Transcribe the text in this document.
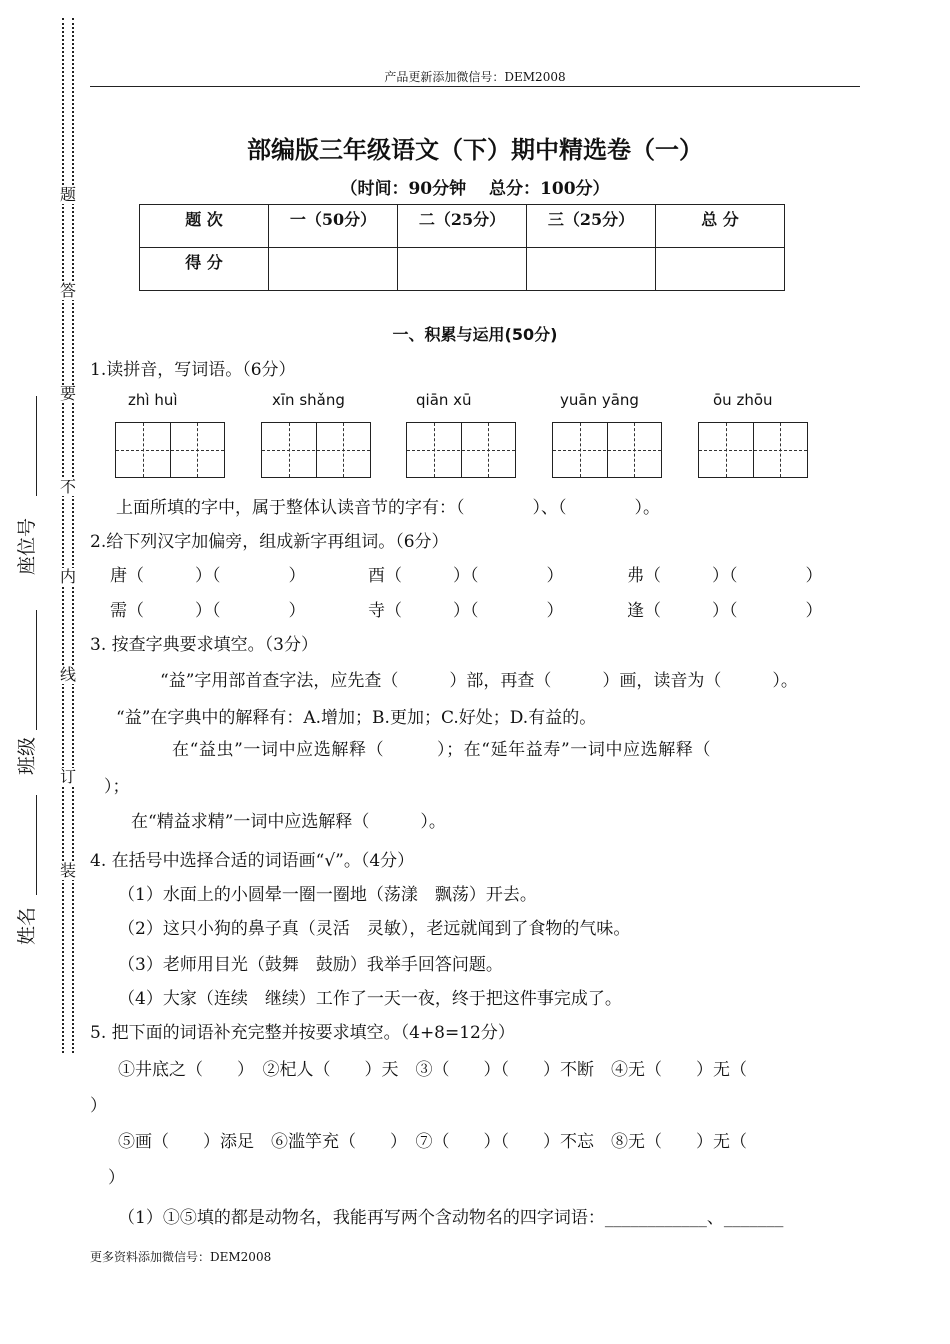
题
答
要
不
内
线
订
装
座位号
班级
姓名
产品更新添加微信号：DEM2008
部编版三年级语文（下）期中精选卷（一）
（时间：90分钟　 总分：100分）
题 次	一（50分）	二（25分）	三（25分）	总 分
得 分				
一、积累与运用(50分)
1.读拼音，写词语。（6分）
zhì huì	xīn shǎng	qiān xū	yuān yāng	ōu zhōu
上面所填的字中，属于整体认读音节的字有：（　　　　）、（　　　　）。
2.给下列汉字加偏旁，组成新字再组词。（6分）
唐（　　　）（　　　　）	酉（　　　）（　　　　）	弗（　　　）（　　　　）
需（　　　）（　　　　）	寺（　　　）（　　　　）	逢（　　　）（　　　　）
3. 按查字典要求填空。（3分）
“益”字用部首查字法，应先查（　　　）部，再查（　　　）画，读音为（　　　）。
“益”在字典中的解释有：A.增加；B.更加；C.好处；D.有益的。
在“益虫”一词中应选解释（　　　）；在“延年益寿”一词中应选解释（
）；
在“精益求精”一词中应选解释（　　　）。
4. 在括号中选择合适的词语画“√”。（4分）
（1）水面上的小圆晕一圈一圈地（荡漾　飘荡）开去。
（2）这只小狗的鼻子真（灵活　灵敏），老远就闻到了食物的气味。
（3）老师用目光（鼓舞　鼓励）我举手回答问题。
（4）大家（连续　继续）工作了一天一夜，终于把这件事完成了。
5. 把下面的词语补充完整并按要求填空。（4+8=12分）
①井底之（　　）　②杞人（　　）天　③（　　）（　　）不断　④无（　　）无（
）
⑤画（　　）添足　⑥滥竽充（　　）　⑦（　　）（　　）不忘　⑧无（　　）无（
）
（1）①⑤填的都是动物名，我能再写两个含动物名的四字词语：____________、_______
更多资料添加微信号：DEM2008
